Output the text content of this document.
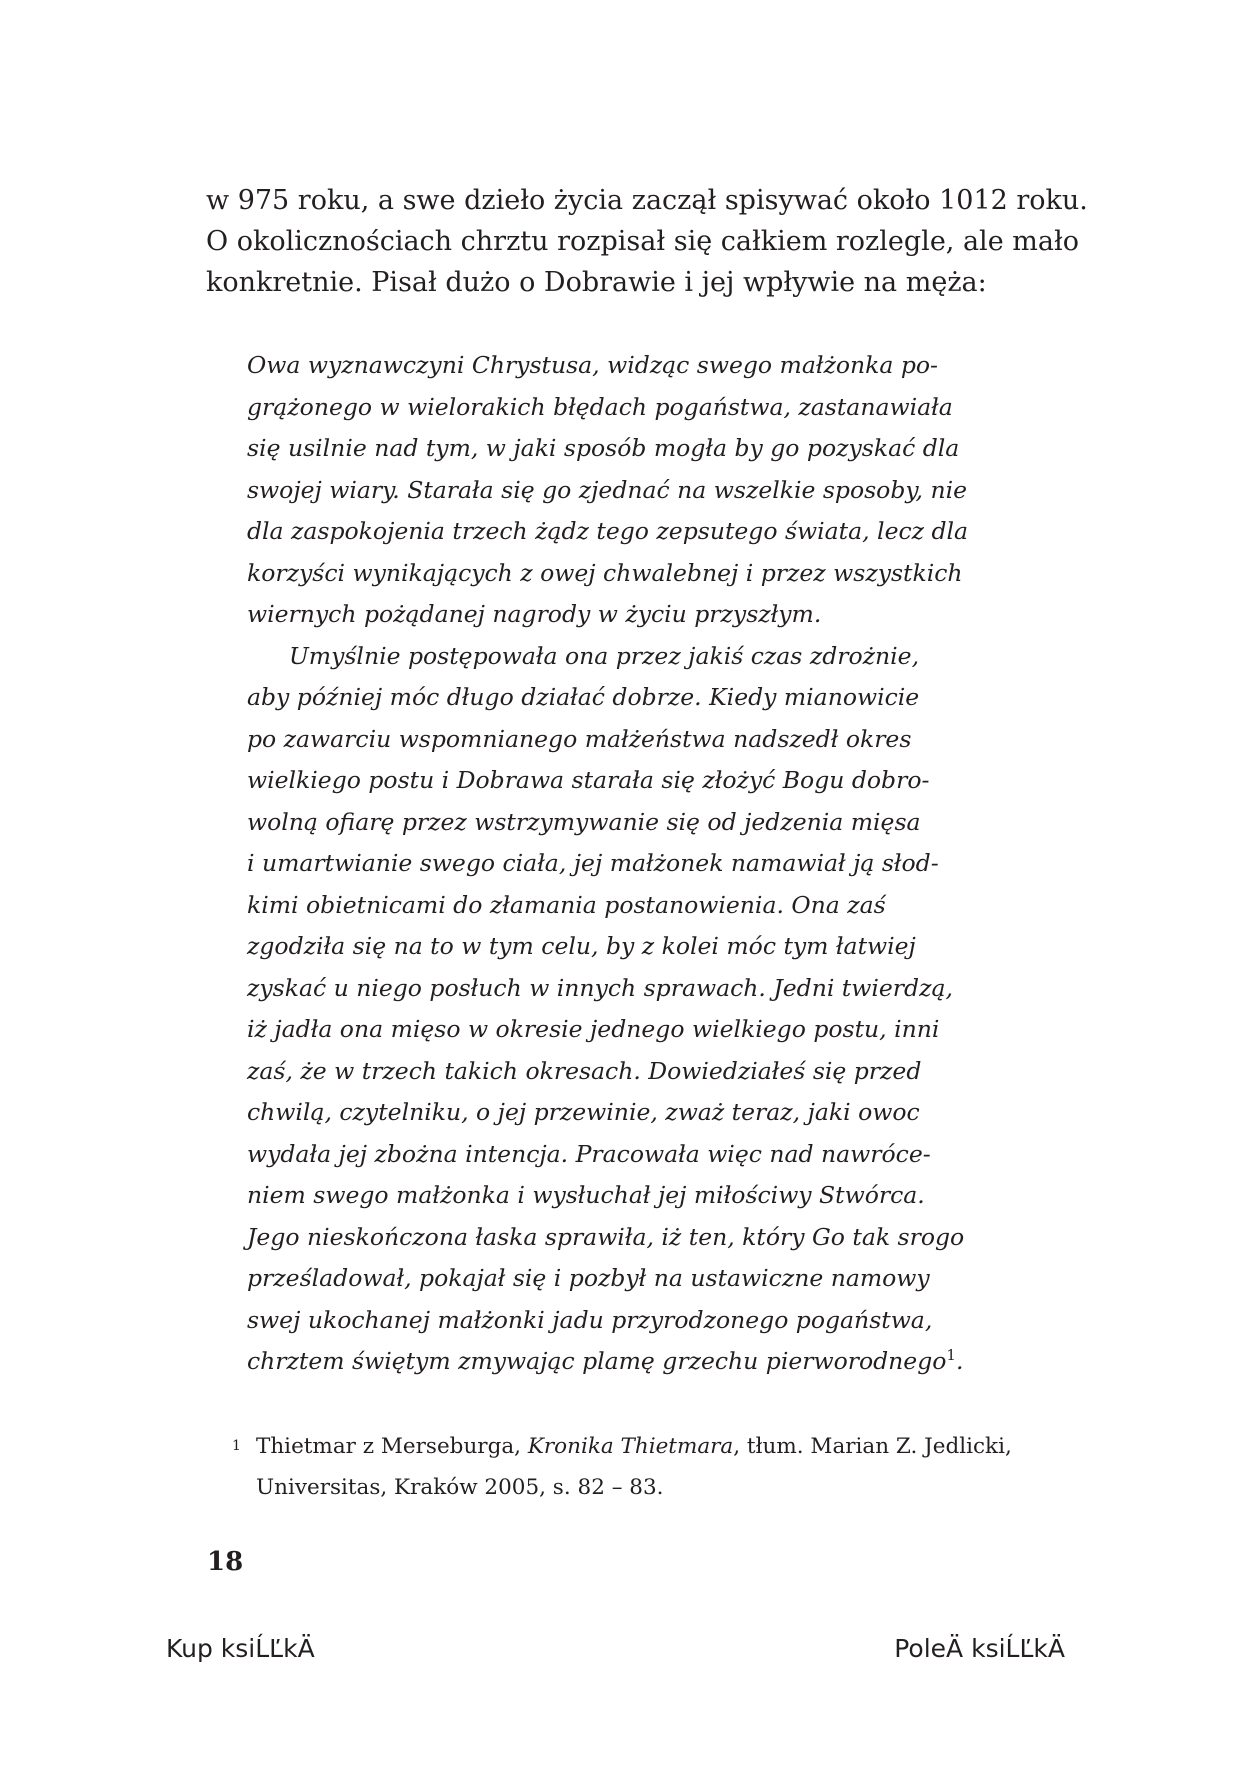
w 975 roku, a swe dzieło życia zaczął spisywać około 1012 roku.
O okolicznościach chrztu rozpisał się całkiem rozlegle, ale mało
konkretnie. Pisał dużo o Dobrawie i jej wpływie na męża:
Owa wyznawczyni Chrystusa, widząc swego małżonka po-
grążonego w wielorakich błędach pogaństwa, zastanawiała
się usilnie nad tym, w jaki sposób mogła by go pozyskać dla
swojej wiary. Starała się go zjednać na wszelkie sposoby, nie
dla zaspokojenia trzech żądz tego zepsutego świata, lecz dla
korzyści wynikających z owej chwalebnej i przez wszystkich
wiernych pożądanej nagrody w życiu przyszłym.
Umyślnie postępowała ona przez jakiś czas zdrożnie,
aby później móc długo działać dobrze. Kiedy mianowicie
po zawarciu wspomnianego małżeństwa nadszedł okres
wielkiego postu i Dobrawa starała się złożyć Bogu dobro-
wolną ofiarę przez wstrzymywanie się od jedzenia mięsa
i umartwianie swego ciała, jej małżonek namawiał ją słod-
kimi obietnicami do złamania postanowienia. Ona zaś
zgodziła się na to w tym celu, by z kolei móc tym łatwiej
zyskać u niego posłuch w innych sprawach. Jedni twierdzą,
iż jadła ona mięso w okresie jednego wielkiego postu, inni
zaś, że w trzech takich okresach. Dowiedziałeś się przed
chwilą, czytelniku, o jej przewinie, zważ teraz, jaki owoc
wydała jej zbożna intencja. Pracowała więc nad nawróce-
niem swego małżonka i wysłuchał jej miłościwy Stwórca.
Jego nieskończona łaska sprawiła, iż ten, który Go tak srogo
prześladował, pokajał się i pozbył na ustawiczne namowy
swej ukochanej małżonki jadu przyrodzonego pogaństwa,
chrztem świętym zmywając plamę grzechu pierworodnego$^1$.
1 Thietmar z Merseburga, Kronika Thietmara, tłum. Marian Z. Jedlicki,
Universitas, Kraków 2005, s. 82 – 83.
18
Kup ksiĹĽkÄ	PoleÄ ksiĹĽkÄ
